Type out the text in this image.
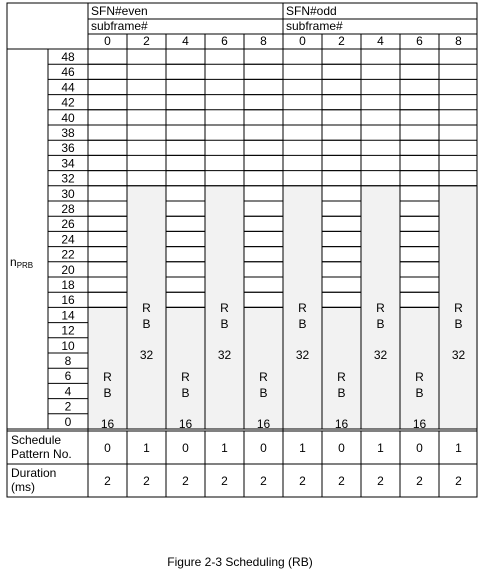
SFN#even
subframe#
0	2	4	6	8
SFN#odd
subframe#
0	2	4	6	8
48
46
44
42
40
38
36
34
32
30
28
26
24
22
20
18
16
14
12
10
8
6
4
2
0
nPRB
R
B
16
R
B
32
R
B
16
R
B
32
R
B
16
R
B
32
R
B
16
R
B
32
R
B
16
R
B
32
Schedule
Pattern No.	0	1	0	1	0	1	0	1	0	1
Duration
(ms)	2	2	2	2	2	2	2	2	2	2
Figure 2-3 Scheduling (RB)
